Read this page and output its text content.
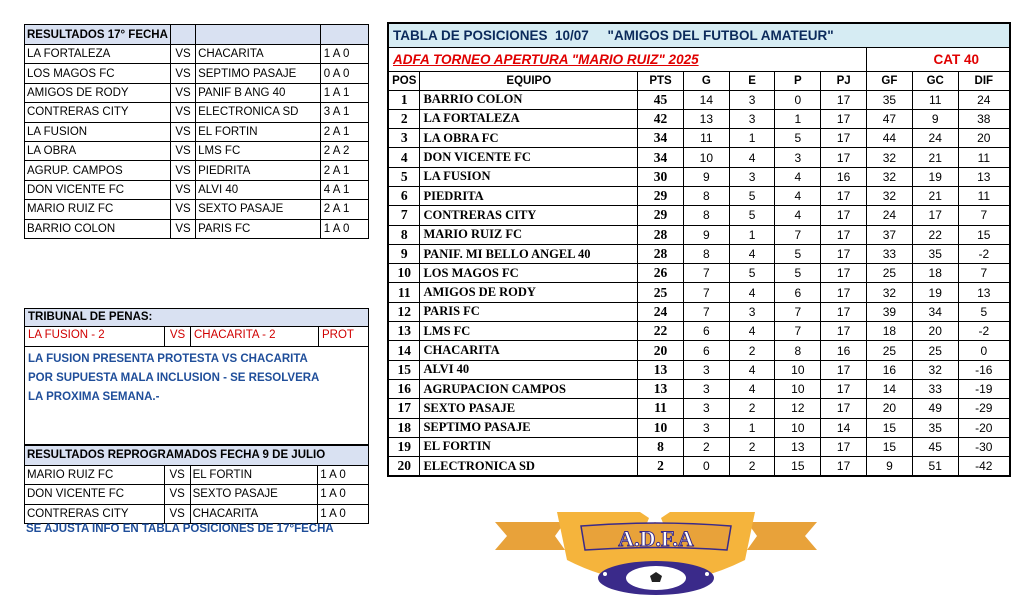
RESULTADOS 17° FECHA			
LA FORTALEZA	VS	CHACARITA	1 A 0
LOS MAGOS FC	VS	SEPTIMO PASAJE	0 A 0
AMIGOS DE RODY	VS	PANIF B ANG 40	1 A 1
CONTRERAS CITY	VS	ELECTRONICA SD	3 A 1
LA FUSION	VS	EL FORTIN	2 A 1
LA OBRA	VS	LMS FC	2 A 2
AGRUP. CAMPOS	VS	PIEDRITA	2 A 1
DON VICENTE FC	VS	ALVI 40	4 A 1
MARIO RUIZ FC	VS	SEXTO PASAJE	2 A 1
BARRIO COLON	VS	PARIS FC	1 A 0
TRIBUNAL DE PENAS:
LA FUSION - 2	VS CHACARITA - 2	PROT
LA FUSION PRESENTA PROTESTA VS CHACARITA
POR SUPUESTA MALA INCLUSION - SE RESOLVERA
LA PROXIMA SEMANA.-
RESULTADOS REPROGRAMADOS FECHA 9 DE JULIO			
MARIO RUIZ FC	VS	EL FORTIN	1 A 0
DON VICENTE FC	VS	SEXTO PASAJE	1 A 0
CONTRERAS CITY	VS	CHACARITA	1 A 0
SE AJUSTA INFO EN TABLA POSICIONES DE 17°FECHA
TABLA DE POSICIONES  10/07     "AMIGOS DEL FUTBOL AMATEUR"									
ADFA TORNEO APERTURA "MARIO RUIZ" 2025							CAT 40		
POS	EQUIPO	PTS	G	E	P	PJ	GF	GC	DIF
1	BARRIO COLON	45	14	3	0	17	35	11	24
2	LA FORTALEZA	42	13	3	1	17	47	9	38
3	LA OBRA FC	34	11	1	5	17	44	24	20
4	DON VICENTE FC	34	10	4	3	17	32	21	11
5	LA FUSION	30	9	3	4	16	32	19	13
6	PIEDRITA	29	8	5	4	17	32	21	11
7	CONTRERAS CITY	29	8	5	4	17	24	17	7
8	MARIO RUIZ FC	28	9	1	7	17	37	22	15
9	PANIF. MI BELLO ANGEL 40	28	8	4	5	17	33	35	-2
10	LOS MAGOS FC	26	7	5	5	17	25	18	7
11	AMIGOS DE RODY	25	7	4	6	17	32	19	13
12	PARIS FC	24	7	3	7	17	39	34	5
13	LMS FC	22	6	4	7	17	18	20	-2
14	CHACARITA	20	6	2	8	16	25	25	0
15	ALVI 40	13	3	4	10	17	16	32	-16
16	AGRUPACION CAMPOS	13	3	4	10	17	14	33	-19
17	SEXTO PASAJE	11	3	2	12	17	20	49	-29
18	SEPTIMO PASAJE	10	3	1	10	14	15	35	-20
19	EL FORTIN	8	2	2	13	17	15	45	-30
20	ELECTRONICA SD	2	0	2	15	17	9	51	-42
A.D.F.A
